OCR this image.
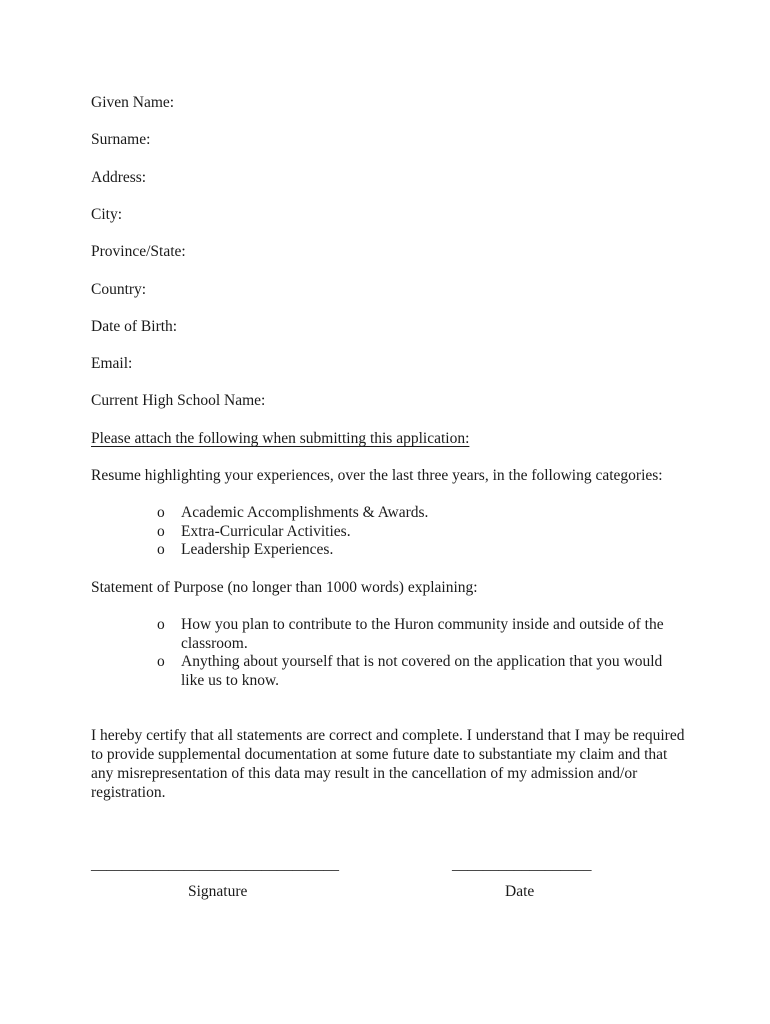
Given Name:
Surname:
Address:
City:
Province/State:
Country:
Date of Birth:
Email:
Current High School Name:
Please attach the following when submitting this application:
Resume highlighting your experiences, over the last three years, in the following categories:
o Academic Accomplishments & Awards.
o Extra-Curricular Activities.
o Leadership Experiences.
Statement of Purpose (no longer than 1000 words) explaining:
o How you plan to contribute to the Huron community inside and outside of the classroom.
o Anything about yourself that is not covered on the application that you would like us to know.
I hereby certify that all statements are correct and complete. I understand that I may be required to provide supplemental documentation at some future date to substantiate my claim and that any misrepresentation of this data may result in the cancellation of my admission and/or registration.
________________________________
Signature
__________________
Date
